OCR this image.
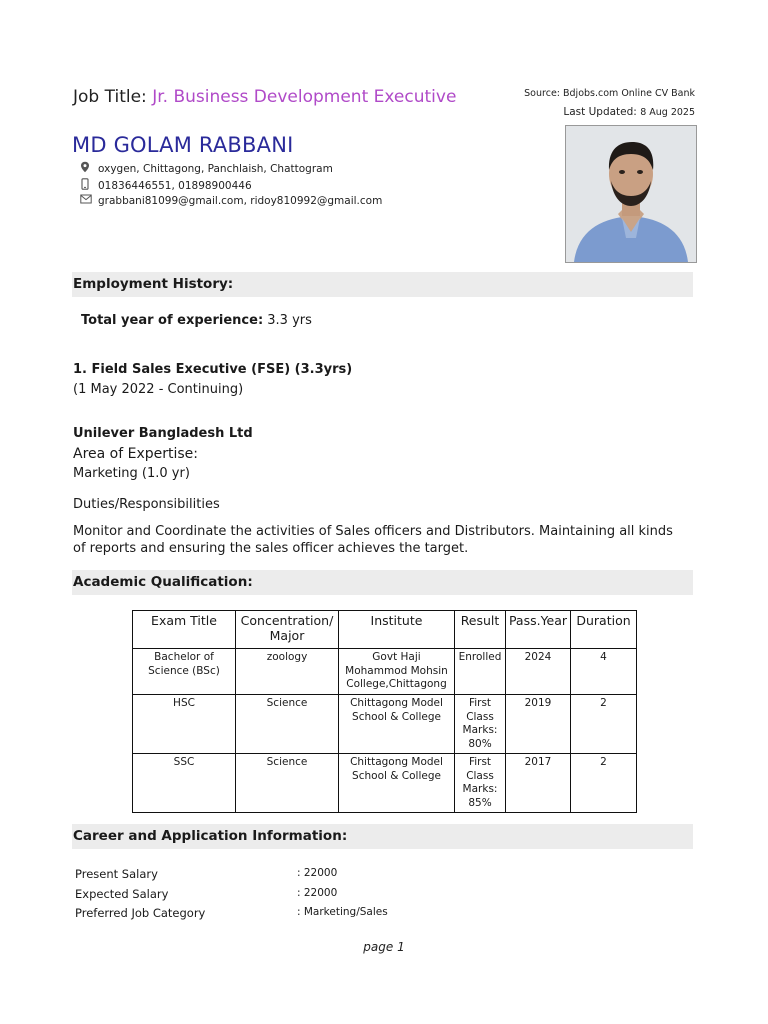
Job Title: Jr. Business Development Executive	Source: Bdjobs.com Online CV Bank
Last Updated: 8 Aug 2025
MD GOLAM RABBANI
oxygen, Chittagong, Panchlaish, Chattogram
01836446551, 01898900446
grabbani81099@gmail.com, ridoy810992@gmail.com
Employment History:
Total year of experience: 3.3 yrs
1. Field Sales Executive (FSE) (3.3yrs)
(1 May 2022 - Continuing)
Unilever Bangladesh Ltd
Area of Expertise:
Marketing (1.0 yr)
Duties/Responsibilities
Monitor and Coordinate the activities of Sales officers and Distributors. Maintaining all kinds of reports and ensuring the sales officer achieves the target.
Academic Qualification:
Exam Title	Concentration/ Major	Institute	Result	Pass.Year	Duration
Bachelor of Science (BSc)	zoology	Govt Haji Mohammod Mohsin College,Chittagong	Enrolled	2024	4
HSC	Science	Chittagong Model School & College	First Class Marks: 80%	2019	2
SSC	Science	Chittagong Model School & College	First Class Marks: 85%	2017	2
Career and Application Information:
Present Salary	: 22000
Expected Salary	: 22000
Preferred Job Category	: Marketing/Sales
page 1
